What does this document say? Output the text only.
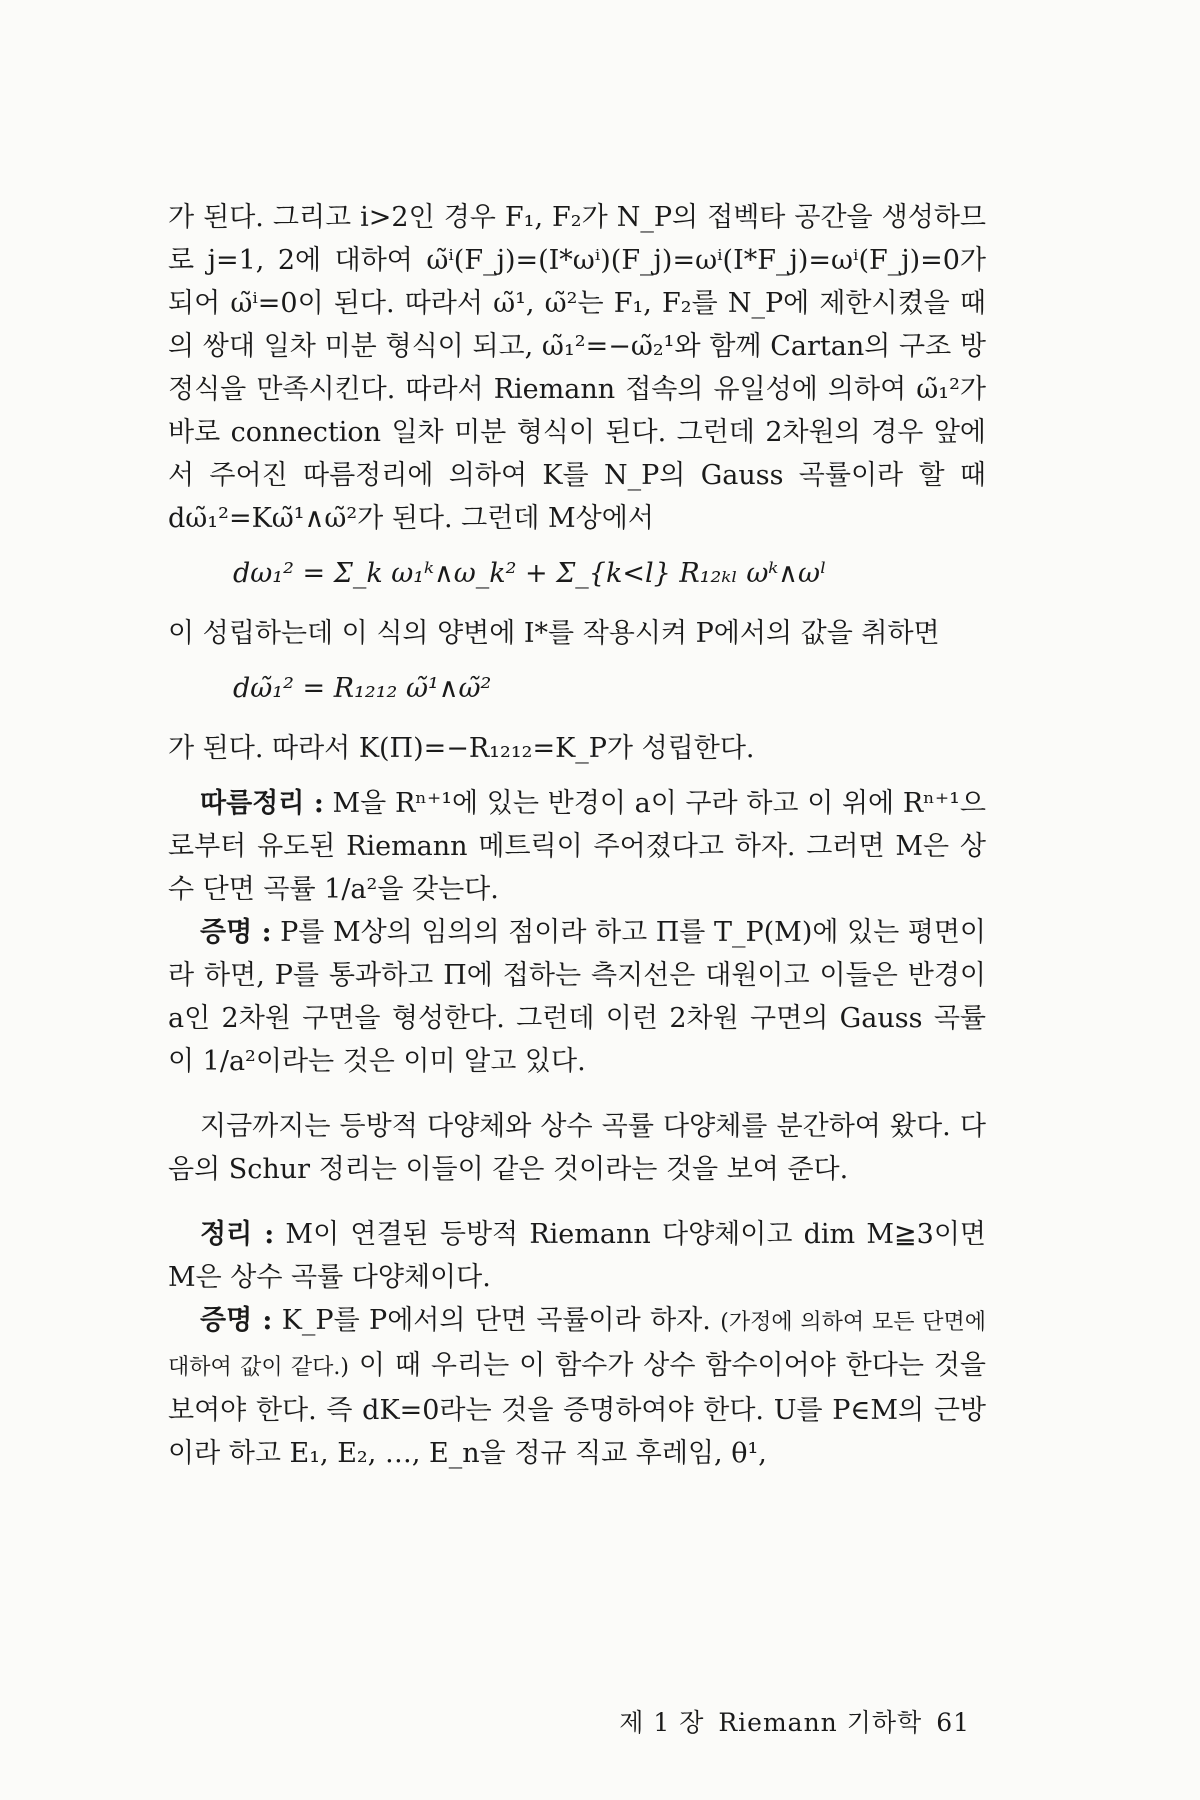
가 된다. 그리고 i>2인 경우 F₁, F₂가 N_P의 접벡타 공간을 생성하므로 j=1, 2에 대하여 ω̃ⁱ(F_j)=(I*ωⁱ)(F_j)=ωⁱ(I*F_j)=ωⁱ(F_j)=0가 되어 ω̃ⁱ=0이 된다. 따라서 ω̃¹, ω̃²는 F₁, F₂를 N_P에 제한시켰을 때의 쌍대 일차 미분 형식이 되고, ω̃₁²=−ω̃₂¹와 함께 Cartan의 구조 방정식을 만족시킨다. 따라서 Riemann 접속의 유일성에 의하여 ω̃₁²가 바로 connection 일차 미분 형식이 된다. 그런데 2차원의 경우 앞에서 주어진 따름정리에 의하여 K를 N_P의 Gauss 곡률이라 할 때 dω̃₁²=Kω̃¹∧ω̃²가 된다. 그런데 M상에서

dω₁² = Σ_k ω₁ᵏ∧ω_k² + Σ_{k<l} R₁₂ₖₗ ωᵏ∧ωˡ

이 성립하는데 이 식의 양변에 I*를 작용시켜 P에서의 값을 취하면

dω̃₁² = R₁₂₁₂ ω̃¹∧ω̃²

가 된다. 따라서 K(Π)=−R₁₂₁₂=K_P가 성립한다.

따름정리 : M을 Rⁿ⁺¹에 있는 반경이 a이 구라 하고 이 위에 Rⁿ⁺¹으로부터 유도된 Riemann 메트릭이 주어졌다고 하자. 그러면 M은 상수 단면 곡률 1/a²을 갖는다.

증명 : P를 M상의 임의의 점이라 하고 Π를 T_P(M)에 있는 평면이라 하면, P를 통과하고 Π에 접하는 측지선은 대원이고 이들은 반경이 a인 2차원 구면을 형성한다. 그런데 이런 2차원 구면의 Gauss 곡률이 1/a²이라는 것은 이미 알고 있다.

지금까지는 등방적 다양체와 상수 곡률 다양체를 분간하여 왔다. 다음의 Schur 정리는 이들이 같은 것이라는 것을 보여 준다.

정리 : M이 연결된 등방적 Riemann 다양체이고 dim M≧3이면 M은 상수 곡률 다양체이다.

증명 : K_P를 P에서의 단면 곡률이라 하자. (가정에 의하여 모든 단면에 대하여 값이 같다.) 이 때 우리는 이 함수가 상수 함수이어야 한다는 것을 보여야 한다. 즉 dK=0라는 것을 증명하여야 한다. U를 P∈M의 근방이라 하고 E₁, E₂, …, E_n을 정규 직교 후레임, θ¹,

제 1 장 Riemann 기하학 61
